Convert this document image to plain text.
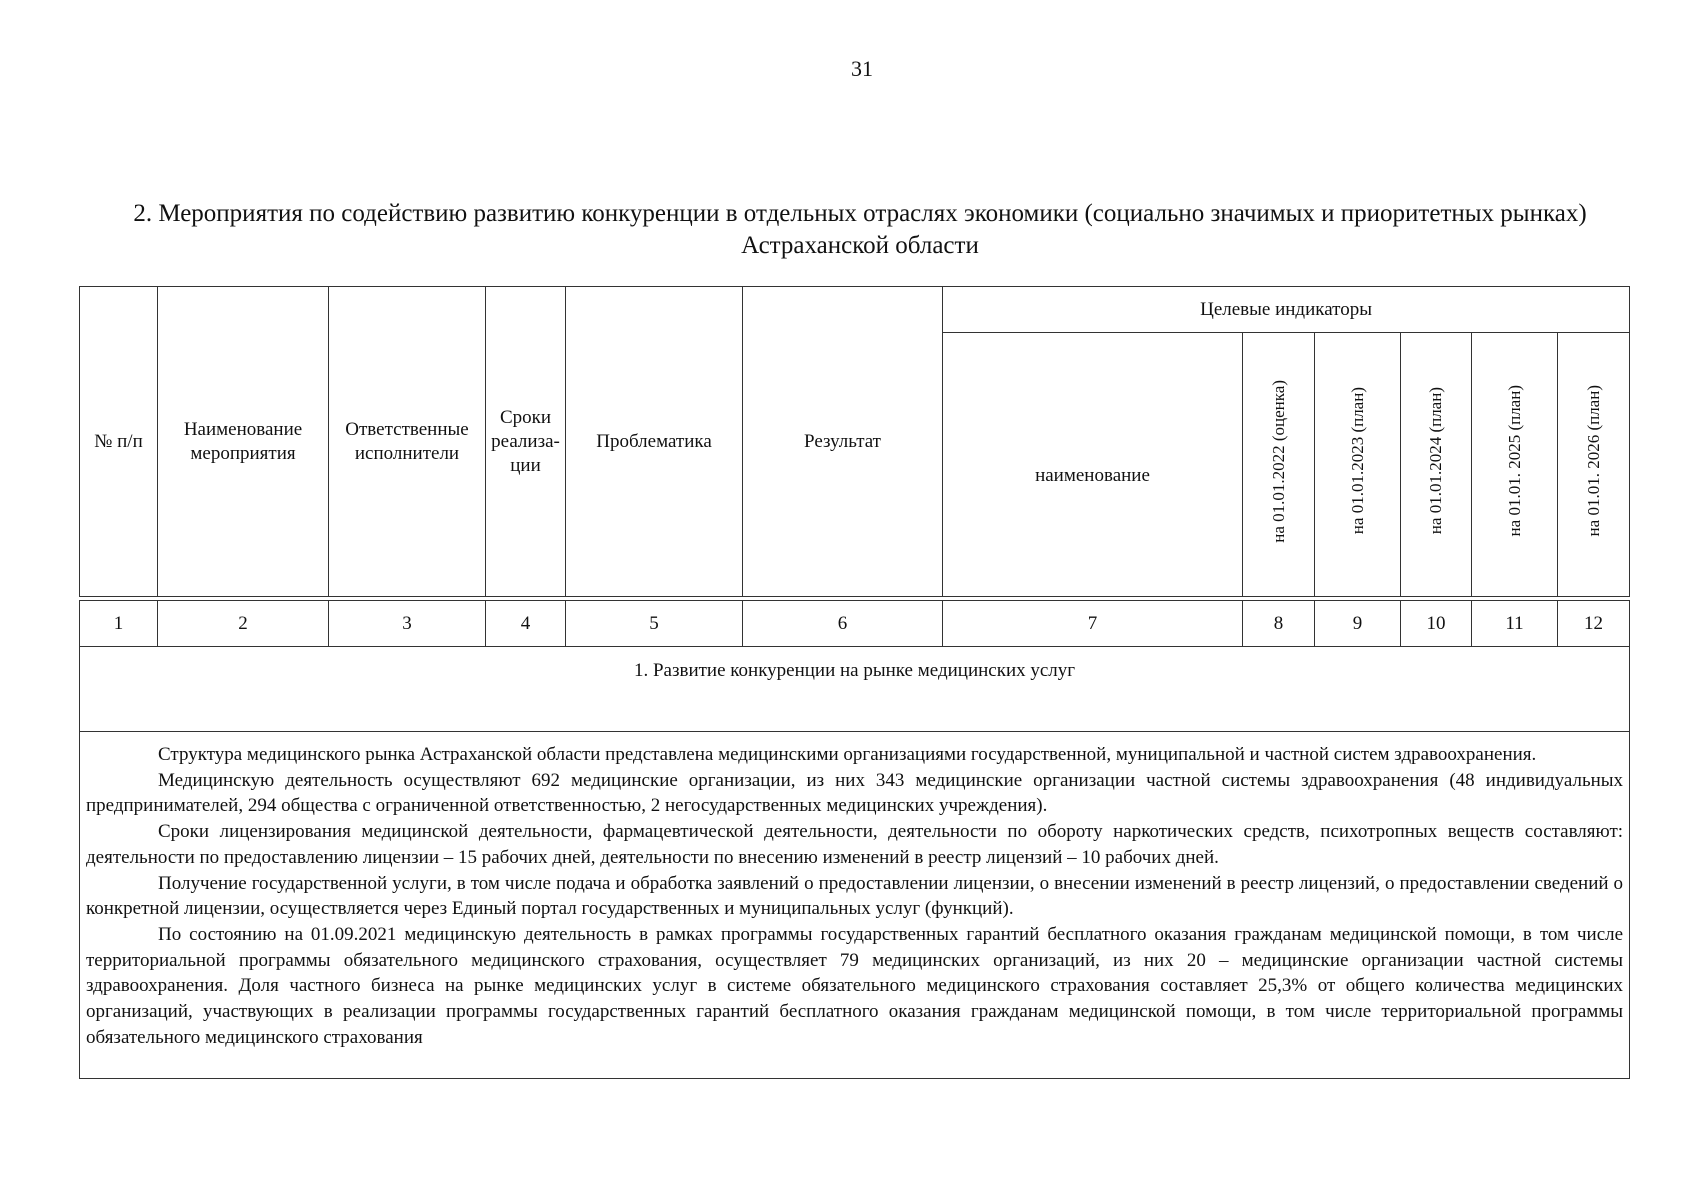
31
2. Мероприятия по содействию развитию конкуренции в отдельных отраслях экономики (социально значимых и приоритетных рынках) Астраханской области
№ п/п	Наименование мероприятия	Ответственные исполнители	Сроки реализа-ции	Проблематика	Результат	Целевые индикаторы					
						наименование	на 01.01.2022 (оценка)	на 01.01.2023 (план)	на 01.01.2024 (план)	на 01.01. 2025 (план)	на 01.01. 2026 (план)

1	2	3	4	5	6	7	8	9	10	11	12
1. Развитие конкуренции на рынке медицинских услуг											

Структура медицинского рынка Астраханской области представлена медицинскими организациями государственной, муниципальной и частной систем здравоохранения.

Медицинскую деятельность осуществляют 692 медицинские организации, из них 343 медицинские организации частной системы здравоохранения (48 индивидуальных предпринимателей, 294 общества с ограниченной ответственностью, 2 негосударственных медицинских учреждения).

Сроки лицензирования медицинской деятельности, фармацевтической деятельности, деятельности по обороту наркотических средств, психотропных веществ составляют: деятельности по предоставлению лицензии – 15 рабочих дней, деятельности по внесению изменений в реестр лицензий – 10 рабочих дней.

Получение государственной услуги, в том числе подача и обработка заявлений о предоставлении лицензии, о внесении изменений в реестр лицензий, о предоставлении сведений о конкретной лицензии, осуществляется через Единый портал государственных и муниципальных услуг (функций).

По состоянию на 01.09.2021 медицинскую деятельность в рамках программы государственных гарантий бесплатного оказания гражданам медицинской помощи, в том числе территориальной программы обязательного медицинского страхования, осуществляет 79 медицинских организаций, из них 20 – медицинские организации частной системы здравоохранения. Доля частного бизнеса на рынке медицинских услуг в системе обязательного медицинского страхования составляет 25,3% от общего количества медицинских организаций, участвующих в реализации программы государственных гарантий бесплатного оказания гражданам медицинской помощи, в том числе территориальной программы обязательного медицинского страхования											
